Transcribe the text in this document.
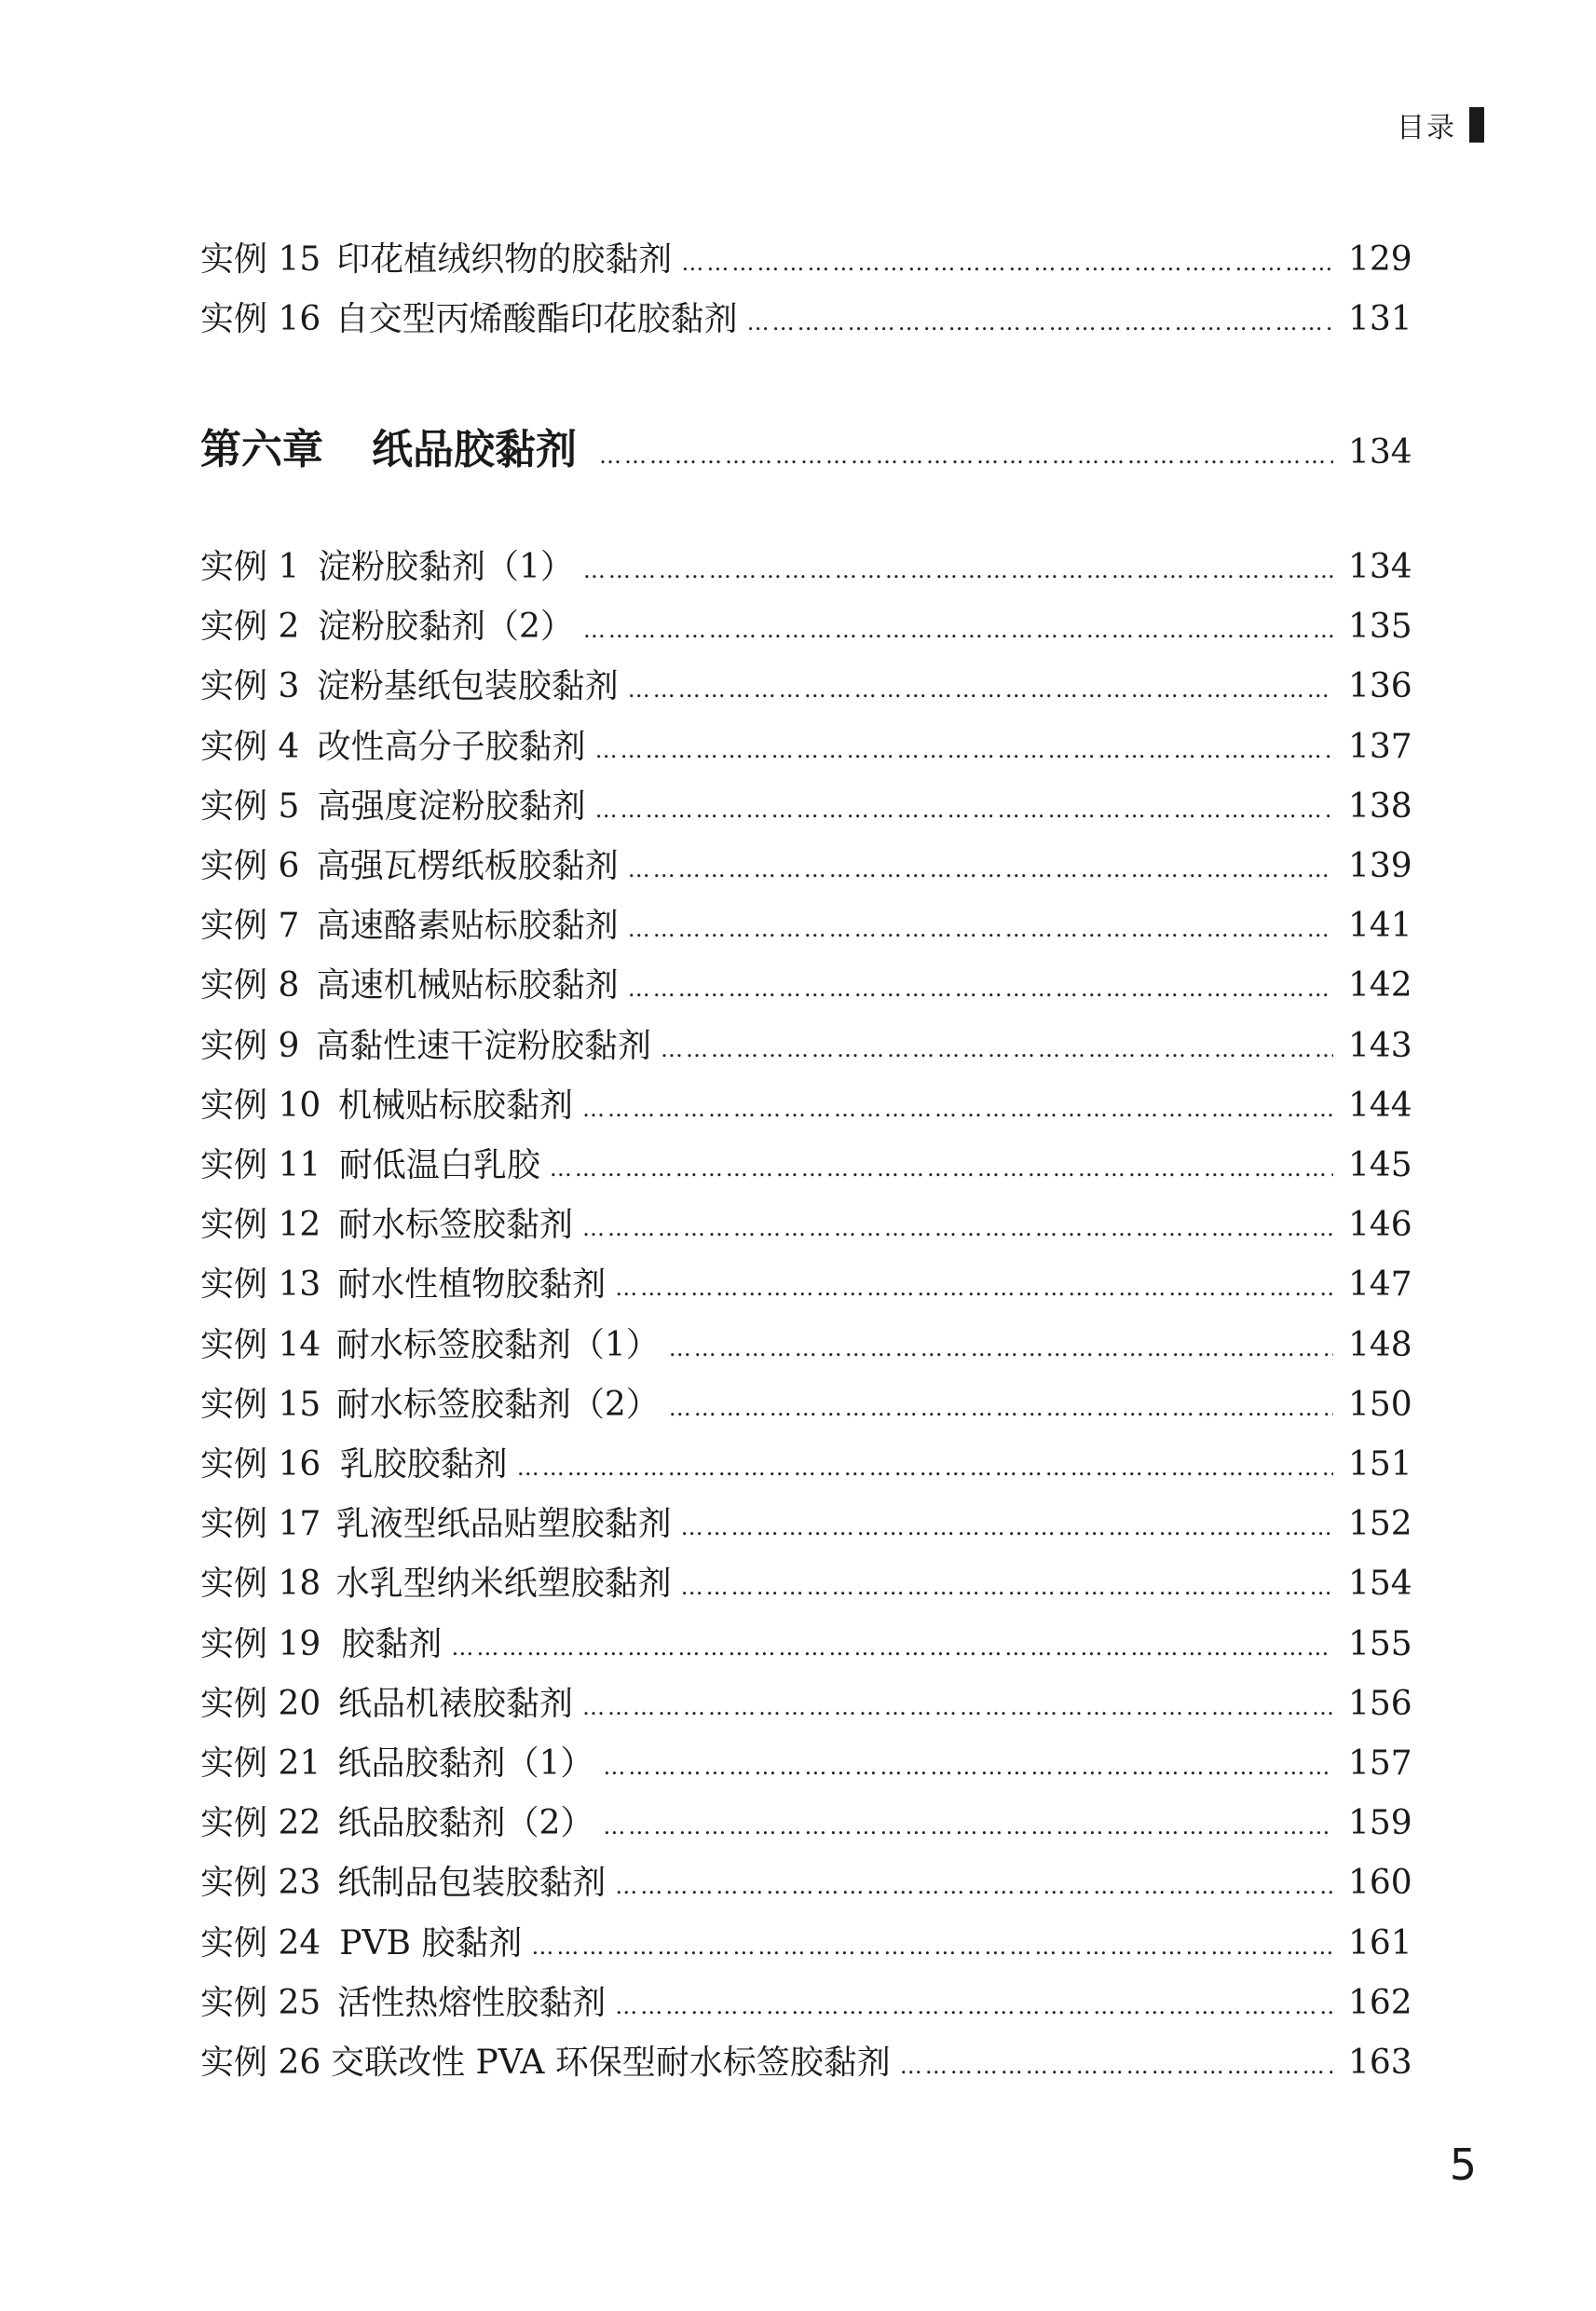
目录
实例 15 印花植绒织物的胶黏剂 …………………………………………………………………………………………………………………………………………………………………………………………	129
实例 16 自交型丙烯酸酯印花胶黏剂 …………………………………………………………………………………………………………………………………………………………………………………………	131
第六章 纸品胶黏剂 …………………………………………………………………………………………………………………………………………………………………………………………	134
实例 1 淀粉胶黏剂（1） …………………………………………………………………………………………………………………………………………………………………………………………	134
实例 2 淀粉胶黏剂（2） …………………………………………………………………………………………………………………………………………………………………………………………	135
实例 3 淀粉基纸包装胶黏剂 …………………………………………………………………………………………………………………………………………………………………………………………	136
实例 4 改性高分子胶黏剂 …………………………………………………………………………………………………………………………………………………………………………………………	137
实例 5 高强度淀粉胶黏剂 …………………………………………………………………………………………………………………………………………………………………………………………	138
实例 6 高强瓦楞纸板胶黏剂 …………………………………………………………………………………………………………………………………………………………………………………………	139
实例 7 高速酪素贴标胶黏剂 …………………………………………………………………………………………………………………………………………………………………………………………	141
实例 8 高速机械贴标胶黏剂 …………………………………………………………………………………………………………………………………………………………………………………………	142
实例 9 高黏性速干淀粉胶黏剂 …………………………………………………………………………………………………………………………………………………………………………………………	143
实例 10 机械贴标胶黏剂 …………………………………………………………………………………………………………………………………………………………………………………………	144
实例 11 耐低温白乳胶 …………………………………………………………………………………………………………………………………………………………………………………………	145
实例 12 耐水标签胶黏剂 …………………………………………………………………………………………………………………………………………………………………………………………	146
实例 13 耐水性植物胶黏剂 …………………………………………………………………………………………………………………………………………………………………………………………	147
实例 14 耐水标签胶黏剂（1） …………………………………………………………………………………………………………………………………………………………………………………………	148
实例 15 耐水标签胶黏剂（2） …………………………………………………………………………………………………………………………………………………………………………………………	150
实例 16 乳胶胶黏剂 …………………………………………………………………………………………………………………………………………………………………………………………	151
实例 17 乳液型纸品贴塑胶黏剂 …………………………………………………………………………………………………………………………………………………………………………………………	152
实例 18 水乳型纳米纸塑胶黏剂 …………………………………………………………………………………………………………………………………………………………………………………………	154
实例 19 胶黏剂 …………………………………………………………………………………………………………………………………………………………………………………………	155
实例 20 纸品机裱胶黏剂 …………………………………………………………………………………………………………………………………………………………………………………………	156
实例 21 纸品胶黏剂（1） …………………………………………………………………………………………………………………………………………………………………………………………	157
实例 22 纸品胶黏剂（2） …………………………………………………………………………………………………………………………………………………………………………………………	159
实例 23 纸制品包装胶黏剂 …………………………………………………………………………………………………………………………………………………………………………………………	160
实例 24 PVB 胶黏剂 …………………………………………………………………………………………………………………………………………………………………………………………	161
实例 25 活性热熔性胶黏剂 …………………………………………………………………………………………………………………………………………………………………………………………	162
实例 26 交联改性 PVA 环保型耐水标签胶黏剂 …………………………………………………………………………………………………………………………………………………………………………………………	163
5
